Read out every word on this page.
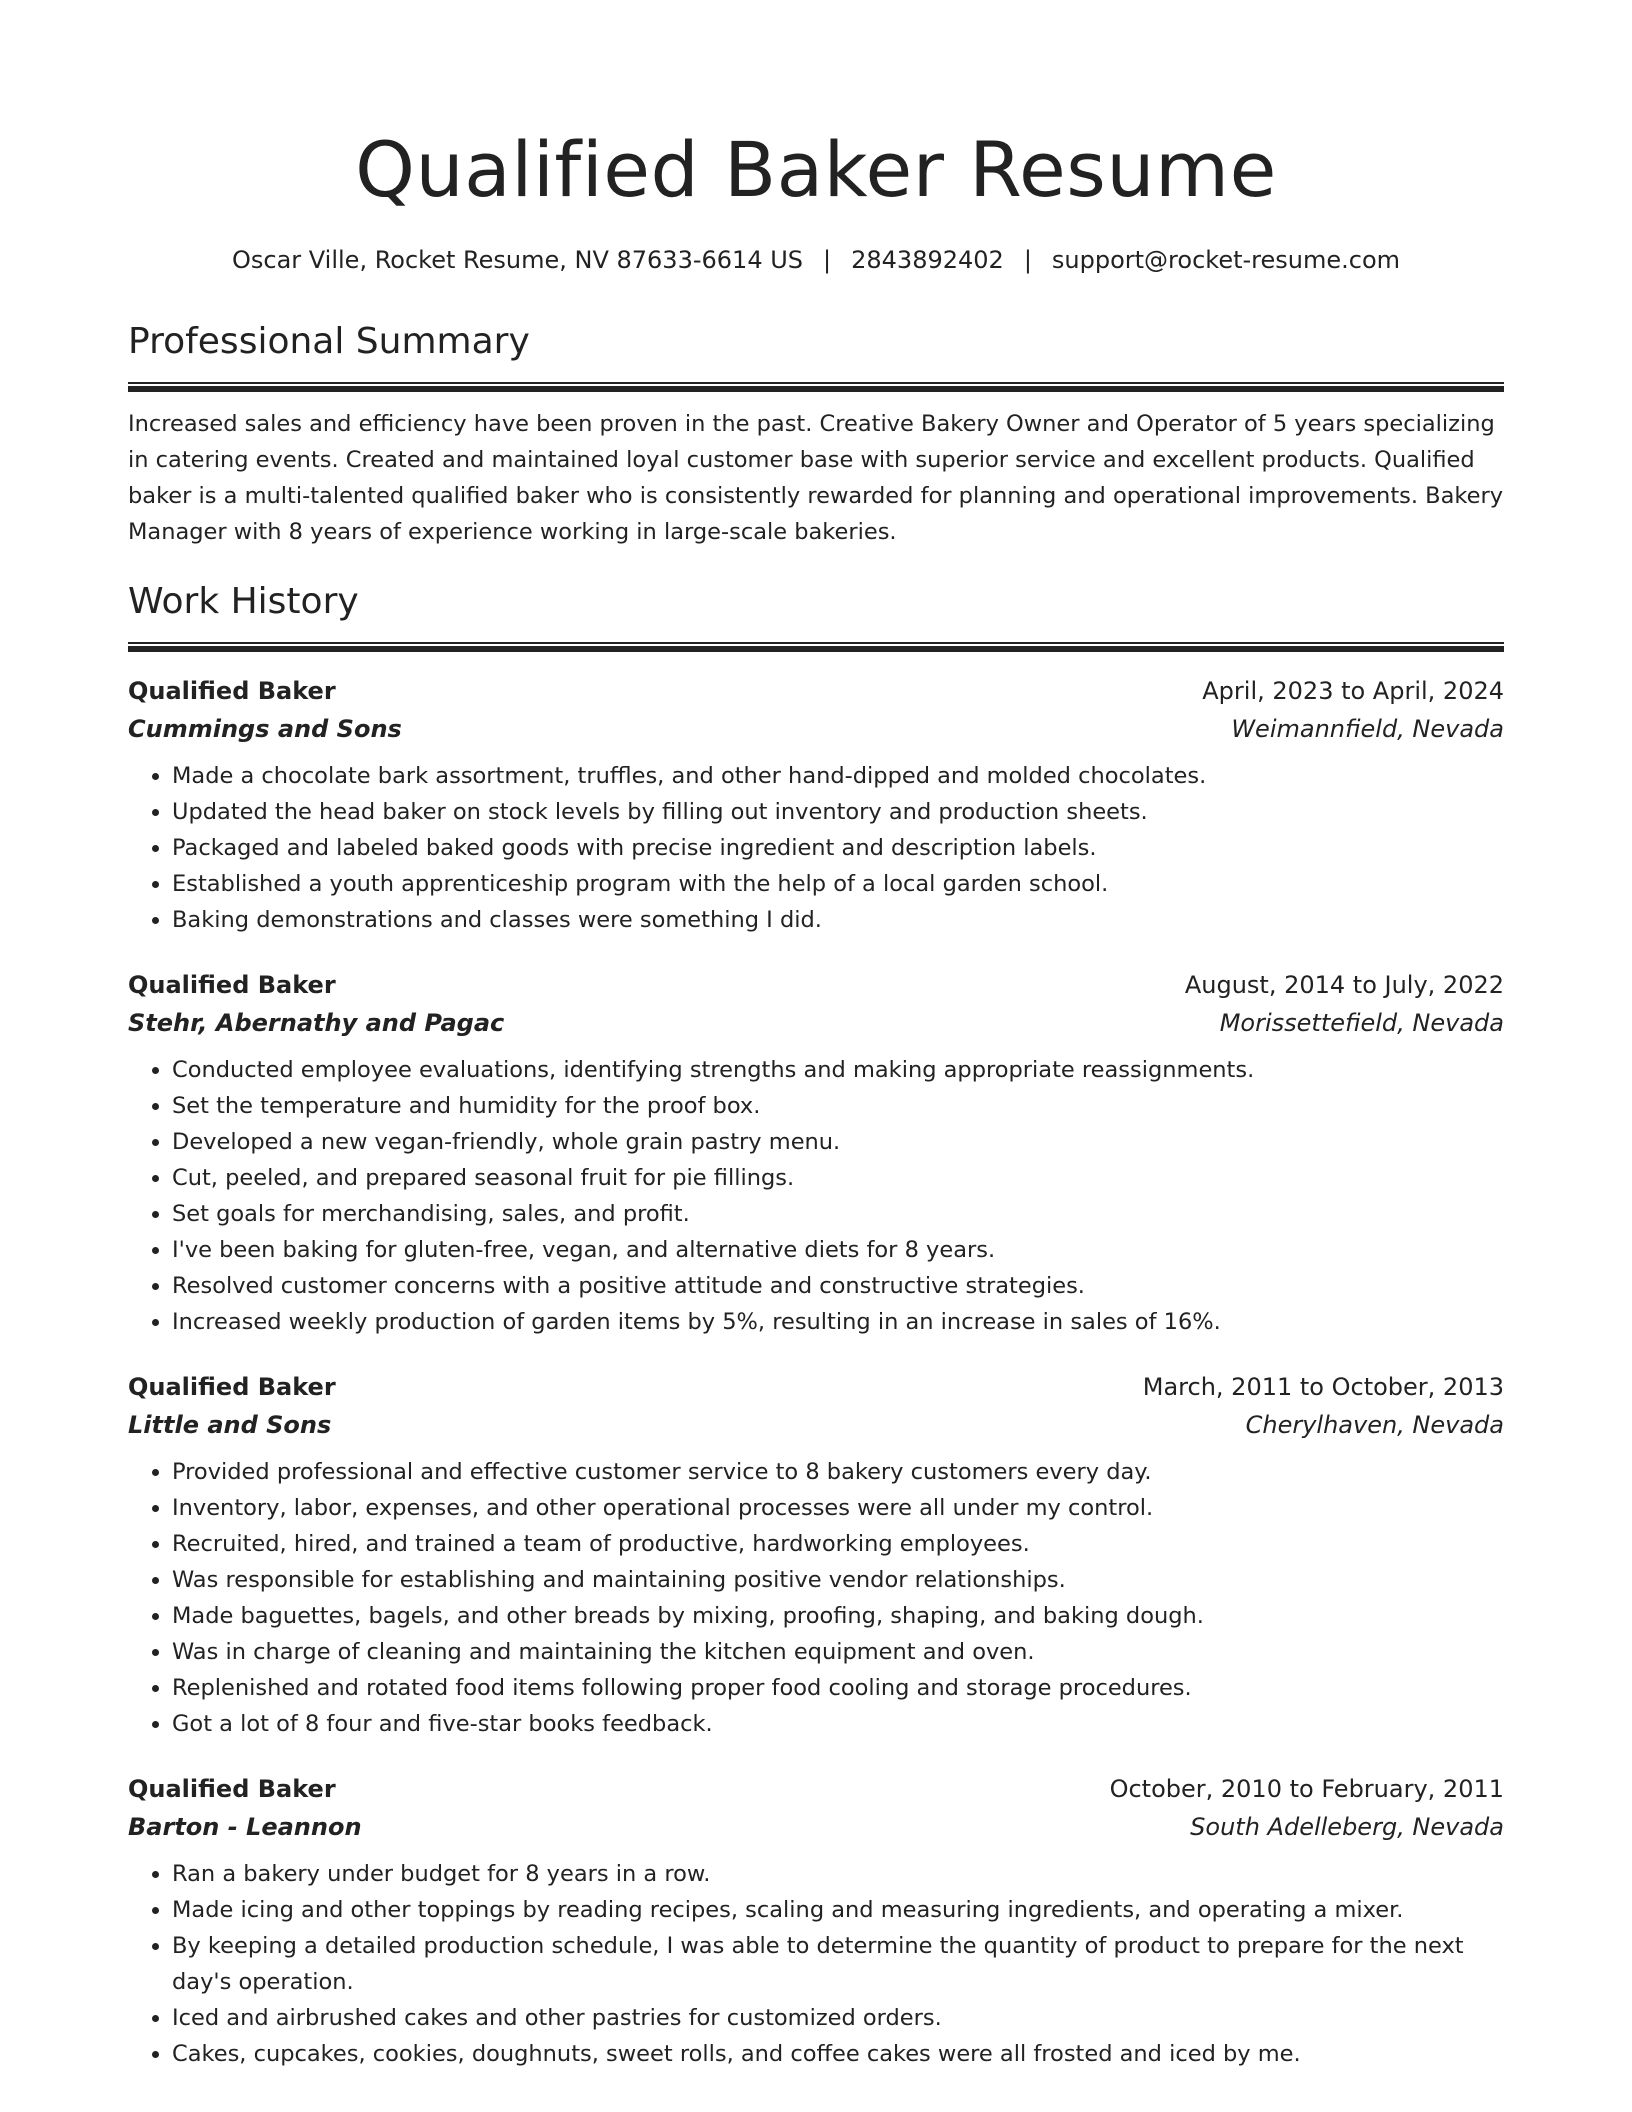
Qualified Baker Resume
Oscar Ville, Rocket Resume, NV 87633-6614 US | 2843892402 | support@rocket-resume.com
Professional Summary

Increased sales and efficiency have been proven in the past. Creative Bakery Owner and Operator of 5 years specializing in catering events. Created and maintained loyal customer base with superior service and excellent products. Qualified baker is a multi-talented qualified baker who is consistently rewarded for planning and operational improvements. Bakery Manager with 8 years of experience working in large-scale bakeries.

Work History
Qualified Baker	April, 2023 to April, 2024
Cummings and Sons	Weimannfield, Nevada
• Made a chocolate bark assortment, truffles, and other hand-dipped and molded chocolates.
• Updated the head baker on stock levels by filling out inventory and production sheets.
• Packaged and labeled baked goods with precise ingredient and description labels.
• Established a youth apprenticeship program with the help of a local garden school.
• Baking demonstrations and classes were something I did.
Qualified Baker	August, 2014 to July, 2022
Stehr, Abernathy and Pagac	Morissettefield, Nevada
• Conducted employee evaluations, identifying strengths and making appropriate reassignments.
• Set the temperature and humidity for the proof box.
• Developed a new vegan-friendly, whole grain pastry menu.
• Cut, peeled, and prepared seasonal fruit for pie fillings.
• Set goals for merchandising, sales, and profit.
• I've been baking for gluten-free, vegan, and alternative diets for 8 years.
• Resolved customer concerns with a positive attitude and constructive strategies.
• Increased weekly production of garden items by 5%, resulting in an increase in sales of 16%.
Qualified Baker	March, 2011 to October, 2013
Little and Sons	Cherylhaven, Nevada
• Provided professional and effective customer service to 8 bakery customers every day.
• Inventory, labor, expenses, and other operational processes were all under my control.
• Recruited, hired, and trained a team of productive, hardworking employees.
• Was responsible for establishing and maintaining positive vendor relationships.
• Made baguettes, bagels, and other breads by mixing, proofing, shaping, and baking dough.
• Was in charge of cleaning and maintaining the kitchen equipment and oven.
• Replenished and rotated food items following proper food cooling and storage procedures.
• Got a lot of 8 four and five-star books feedback.
Qualified Baker	October, 2010 to February, 2011
Barton - Leannon	South Adelleberg, Nevada
• Ran a bakery under budget for 8 years in a row.
• Made icing and other toppings by reading recipes, scaling and measuring ingredients, and operating a mixer.
• By keeping a detailed production schedule, I was able to determine the quantity of product to prepare for the next day's operation.
• Iced and airbrushed cakes and other pastries for customized orders.
• Cakes, cupcakes, cookies, doughnuts, sweet rolls, and coffee cakes were all frosted and iced by me.
